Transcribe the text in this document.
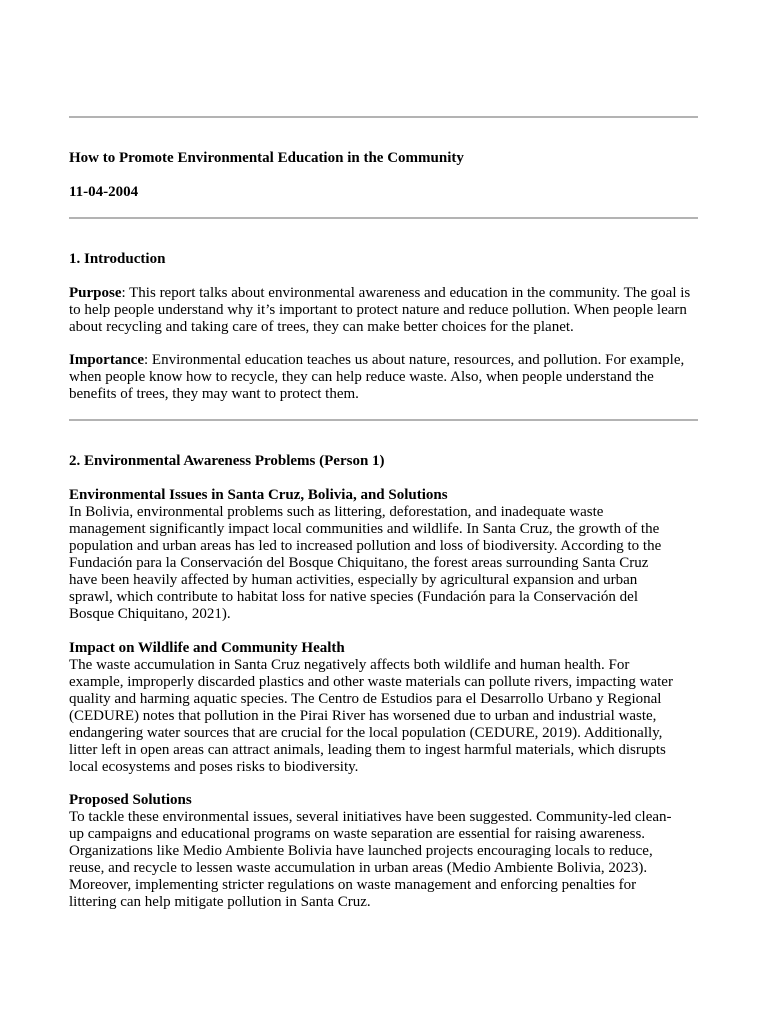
How to Promote Environmental Education in the Community

11-04-2004

1. Introduction

Purpose: This report talks about environmental awareness and education in the community. The goal is to help people understand why it’s important to protect nature and reduce pollution. When people learn about recycling and taking care of trees, they can make better choices for the planet.

Importance: Environmental education teaches us about nature, resources, and pollution. For example, when people know how to recycle, they can help reduce waste. Also, when people understand the benefits of trees, they may want to protect them.

2. Environmental Awareness Problems (Person 1)

Environmental Issues in Santa Cruz, Bolivia, and Solutions

In Bolivia, environmental problems such as littering, deforestation, and inadequate waste

management significantly impact local communities and wildlife. In Santa Cruz, the growth of the

population and urban areas has led to increased pollution and loss of biodiversity. According to the

Fundación para la Conservación del Bosque Chiquitano, the forest areas surrounding Santa Cruz

have been heavily affected by human activities, especially by agricultural expansion and urban

sprawl, which contribute to habitat loss for native species (Fundación para la Conservación del

Bosque Chiquitano, 2021).

Impact on Wildlife and Community Health

The waste accumulation in Santa Cruz negatively affects both wildlife and human health. For

example, improperly discarded plastics and other waste materials can pollute rivers, impacting water

quality and harming aquatic species. The Centro de Estudios para el Desarrollo Urbano y Regional

(CEDURE) notes that pollution in the Pirai River has worsened due to urban and industrial waste,

endangering water sources that are crucial for the local population (CEDURE, 2019). Additionally,

litter left in open areas can attract animals, leading them to ingest harmful materials, which disrupts

local ecosystems and poses risks to biodiversity.

Proposed Solutions

To tackle these environmental issues, several initiatives have been suggested. Community-led clean-

up campaigns and educational programs on waste separation are essential for raising awareness.

Organizations like Medio Ambiente Bolivia have launched projects encouraging locals to reduce,

reuse, and recycle to lessen waste accumulation in urban areas (Medio Ambiente Bolivia, 2023).

Moreover, implementing stricter regulations on waste management and enforcing penalties for

littering can help mitigate pollution in Santa Cruz.
